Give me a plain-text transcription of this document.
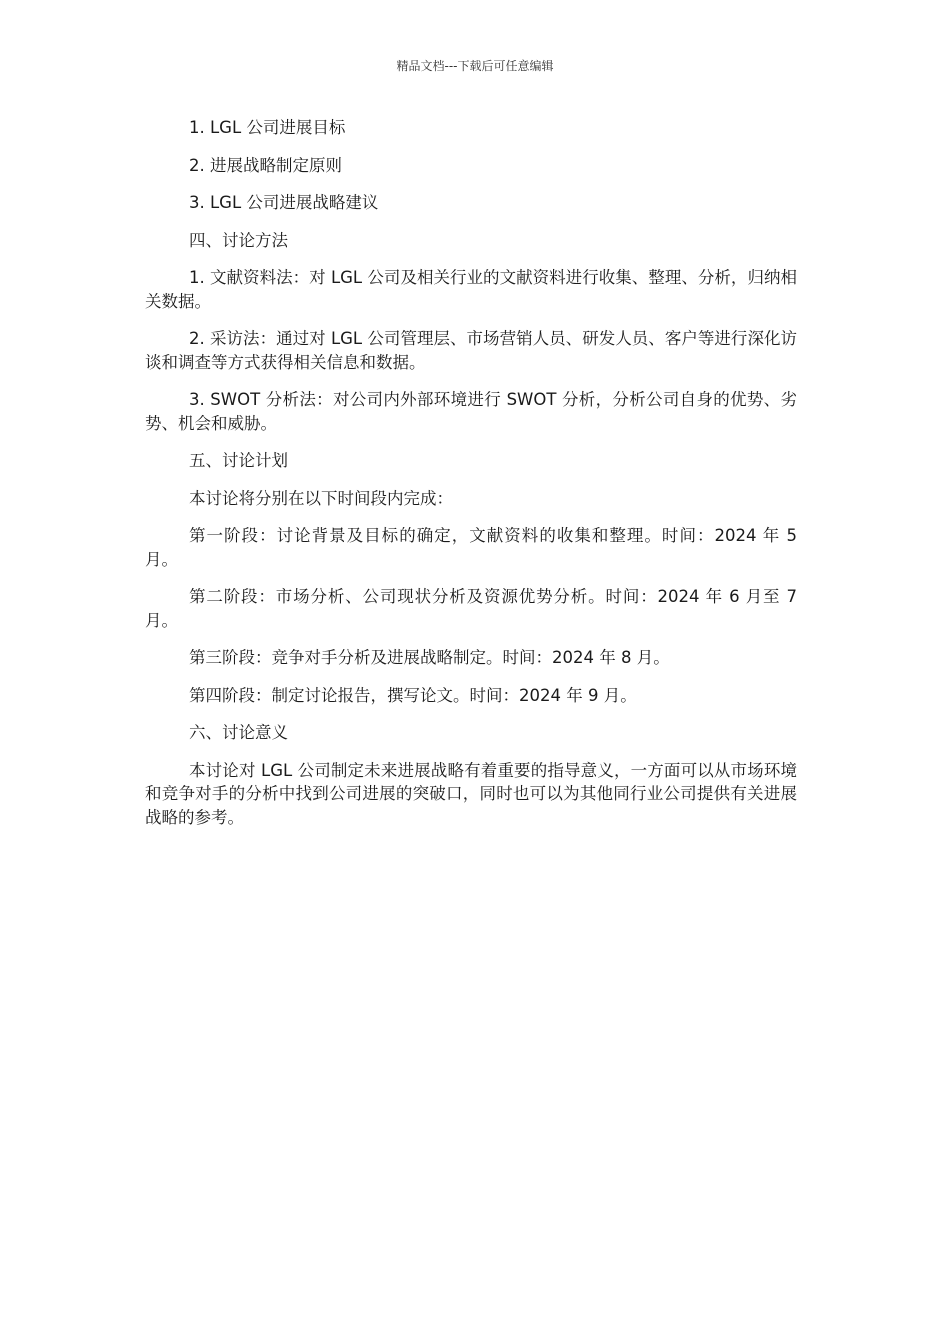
精品文档---下载后可任意编辑

1. LGL 公司进展目标

2. 进展战略制定原则

3. LGL 公司进展战略建议

四、讨论方法

1. 文献资料法：对 LGL 公司及相关行业的文献资料进行收集、整理、分析，归纳相关数据。

2. 采访法：通过对 LGL 公司管理层、市场营销人员、研发人员、客户等进行深化访谈和调查等方式获得相关信息和数据。

3. SWOT 分析法：对公司内外部环境进行 SWOT 分析，分析公司自身的优势、劣势、机会和威胁。

五、讨论计划

本讨论将分别在以下时间段内完成：

第一阶段：讨论背景及目标的确定，文献资料的收集和整理。时间：2024 年 5 月。

第二阶段：市场分析、公司现状分析及资源优势分析。时间：2024 年 6 月至 7 月。

第三阶段：竞争对手分析及进展战略制定。时间：2024 年 8 月。

第四阶段：制定讨论报告，撰写论文。时间：2024 年 9 月。

六、讨论意义

本讨论对 LGL 公司制定未来进展战略有着重要的指导意义，一方面可以从市场环境和竞争对手的分析中找到公司进展的突破口，同时也可以为其他同行业公司提供有关进展战略的参考。
